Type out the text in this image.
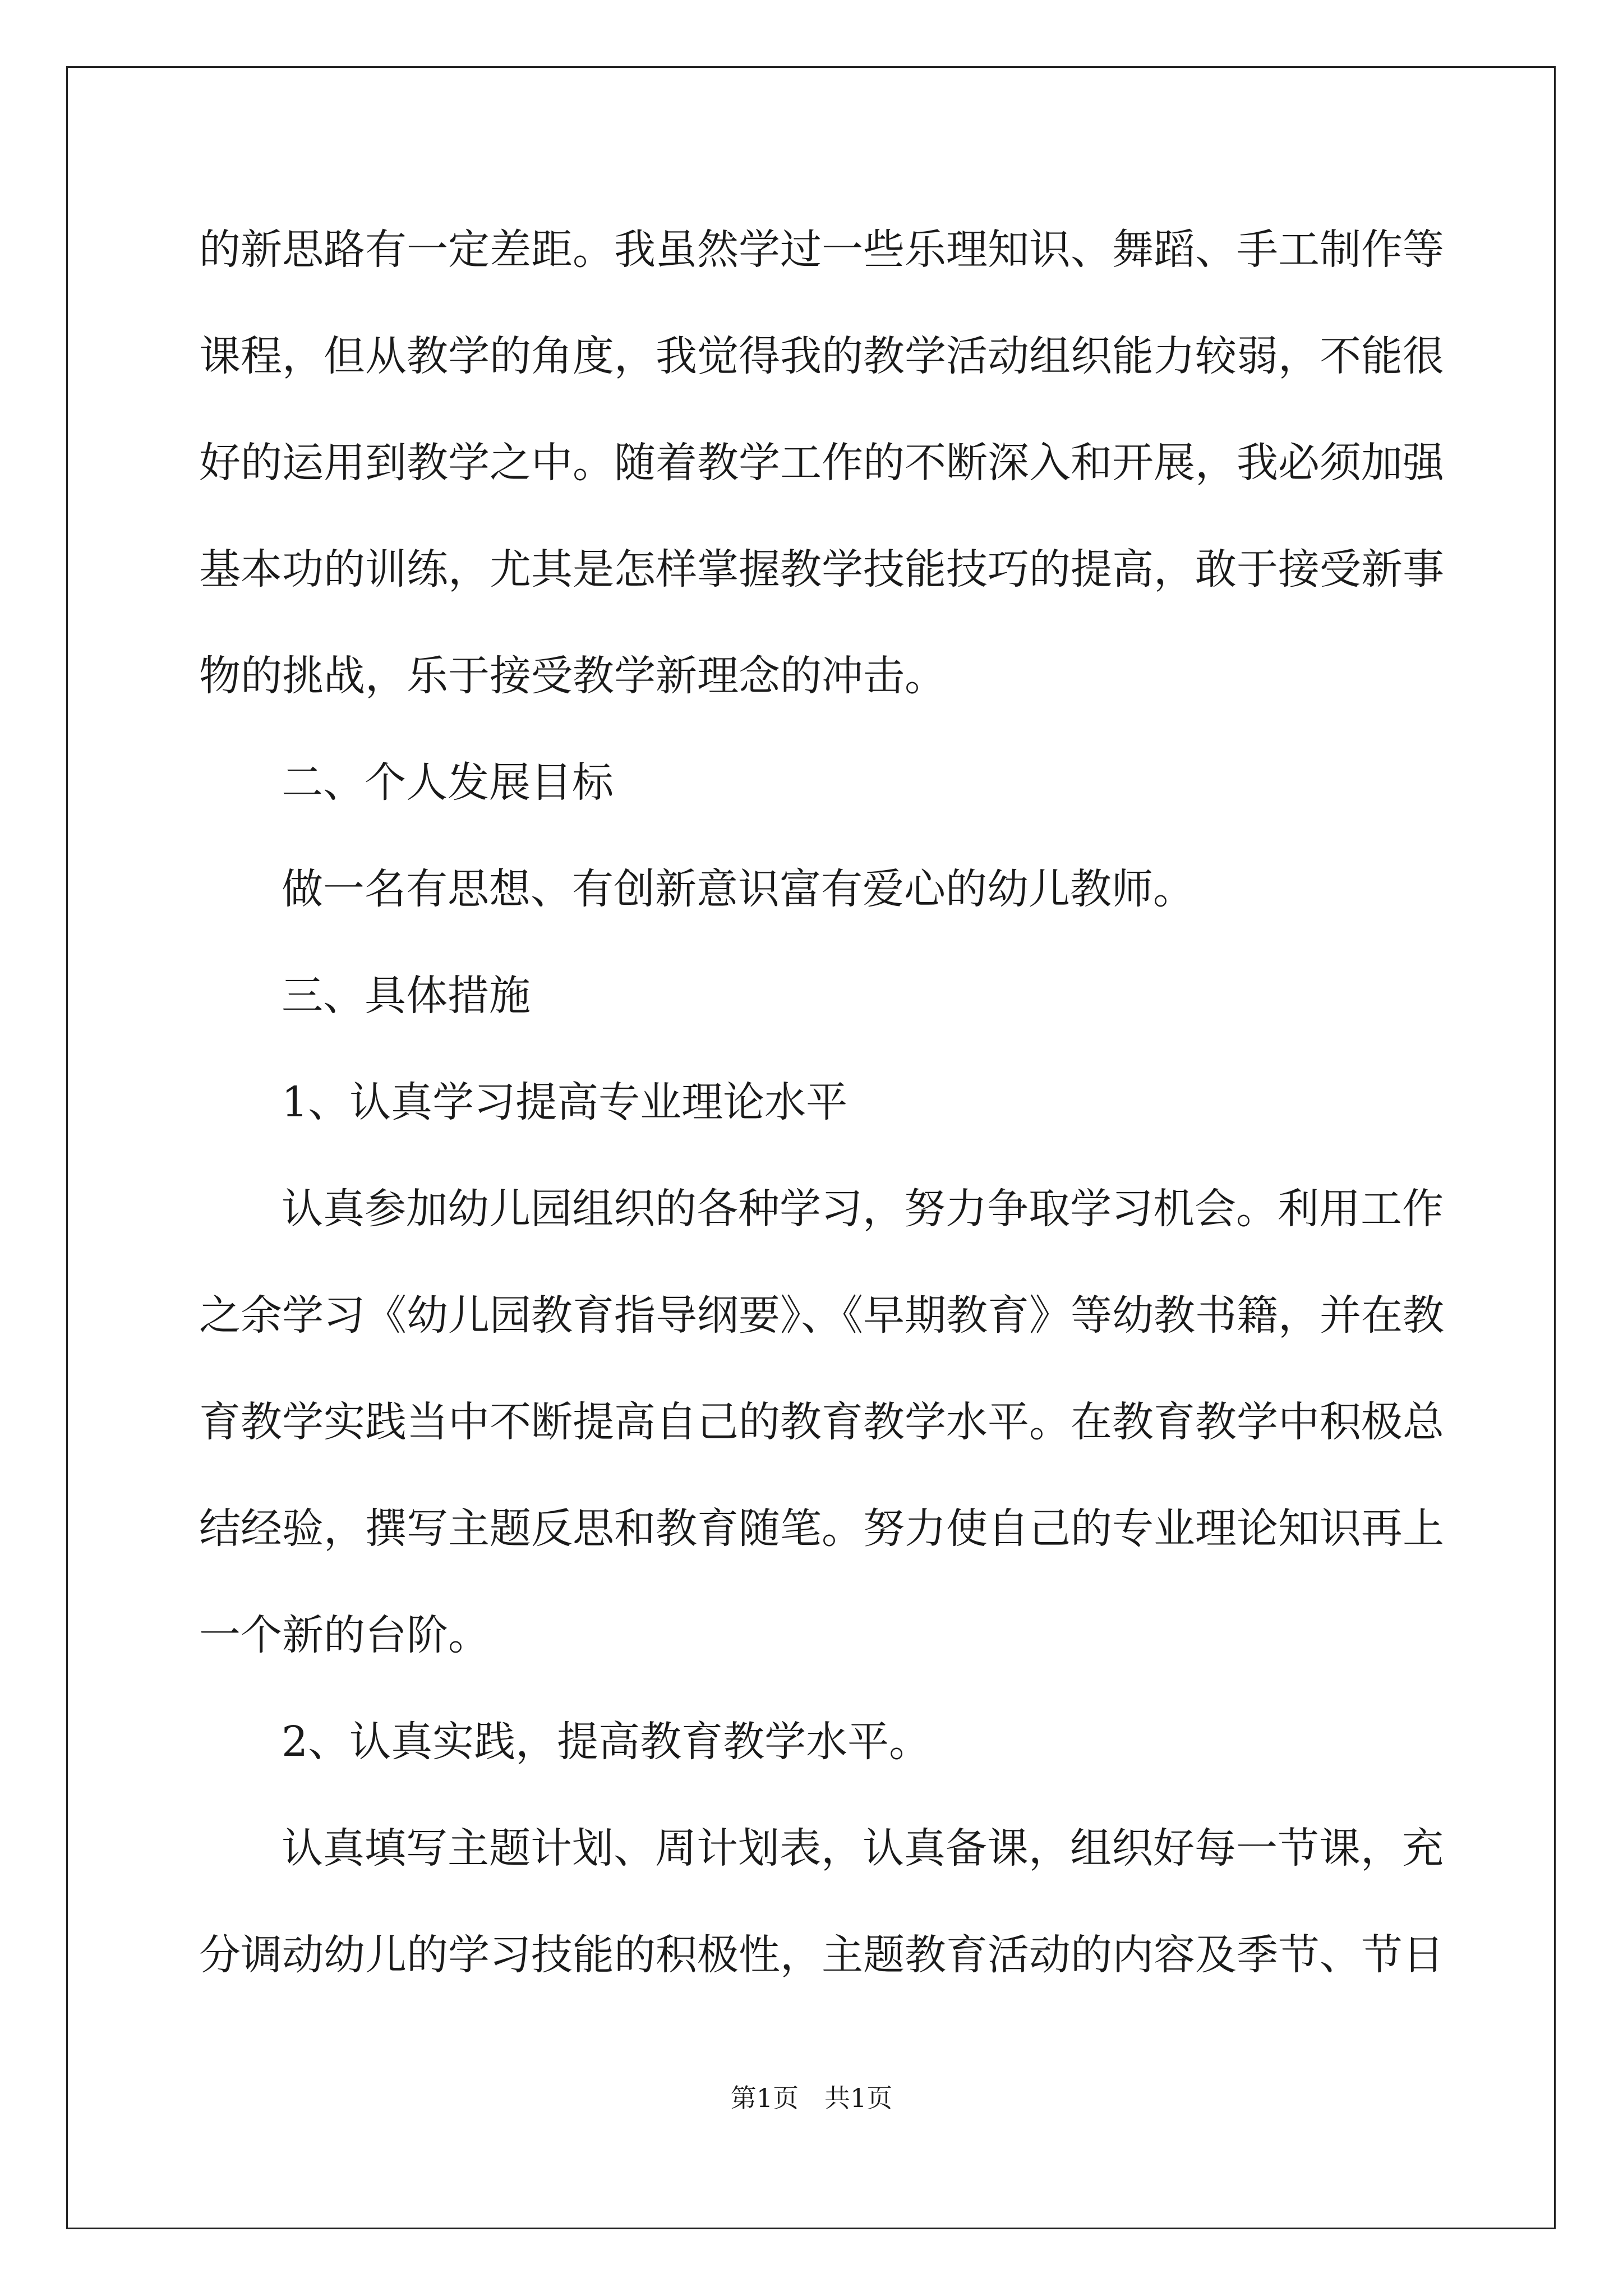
的新思路有一定差距。我虽然学过一些乐理知识、舞蹈、手工制作等

课程，但从教学的角度，我觉得我的教学活动组织能力较弱，不能很

好的运用到教学之中。随着教学工作的不断深入和开展，我必须加强

基本功的训练，尤其是怎样掌握教学技能技巧的提高，敢于接受新事

物的挑战，乐于接受教学新理念的冲击。

二、个人发展目标

做一名有思想、有创新意识富有爱心的幼儿教师。

三、具体措施

1、认真学习提高专业理论水平

认真参加幼儿园组织的各种学习，努力争取学习机会。利用工作

之余学习《幼儿园教育指导纲要》、《早期教育》等幼教书籍，并在教

育教学实践当中不断提高自己的教育教学水平。在教育教学中积极总

结经验，撰写主题反思和教育随笔。努力使自己的专业理论知识再上

一个新的台阶。

2、认真实践，提高教育教学水平。

认真填写主题计划、周计划表，认真备课，组织好每一节课，充

分调动幼儿的学习技能的积极性，主题教育活动的内容及季节、节日

第1页　共1页
